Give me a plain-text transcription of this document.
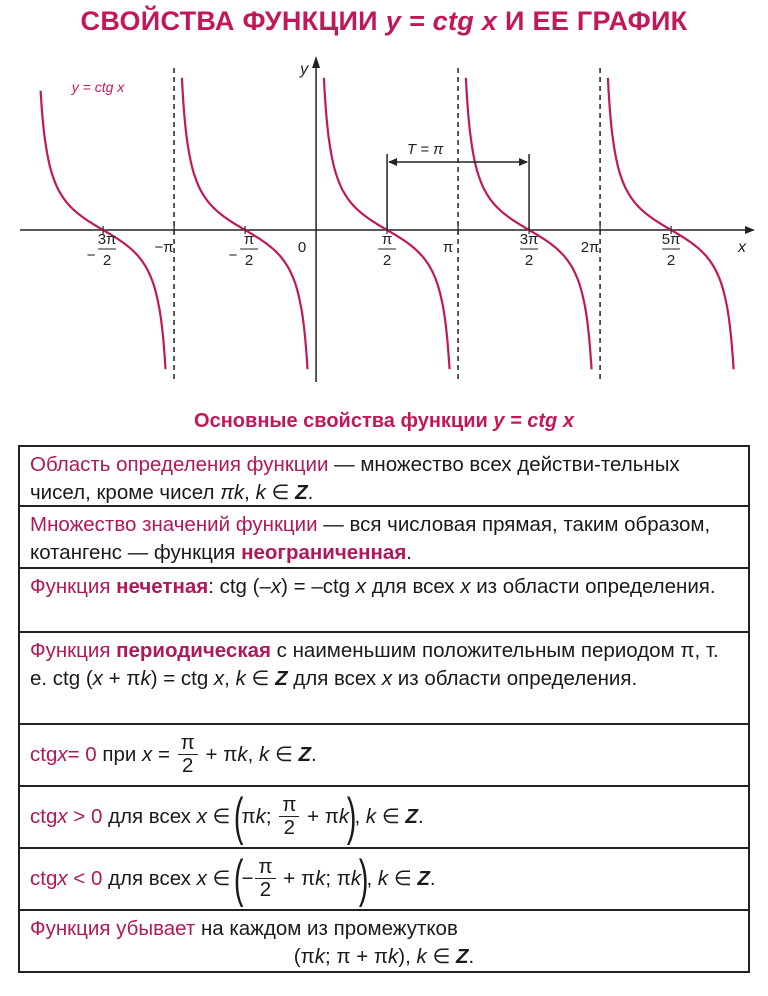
СВОЙСТВА ФУНКЦИИ y = ctg x И ЕЕ ГРАФИК
x
y
0
y = ctg x
−
3π
2
−π	−
π
2
π
2
π	3π
2
2π	5π
2
T = π
Основные свойства функции y = ctg x
Область определения функции — множество всех действи-тельных чисел, кроме чисел πk, k ∈ Z.
Множество значений функции — вся числовая прямая, таким образом, котангенс — функция неограниченная.
Функция нечетная: ctg (–x) = –ctg x для всех x из области определения.
Функция периодическая с наименьшим положительным периодом π, т. е. ctg (x + πk) = ctg x, k ∈ Z для всех x из области определения.
ctg x = 0 при $x = \frac{\pi}{2} + \pi$ k , k ∈ Z .
ctg x > 0 для всех x ∈
(
π k ; $\frac{\pi}{2} + \pi$ k
)
, k ∈ Z .
ctg x < 0 для всех x ∈
(
− $\frac{\pi}{2} + \pi$ k ; π k
)
, k ∈ Z .
Функция убывает на каждом из промежутков
(πk; π + πk), k ∈ Z.
